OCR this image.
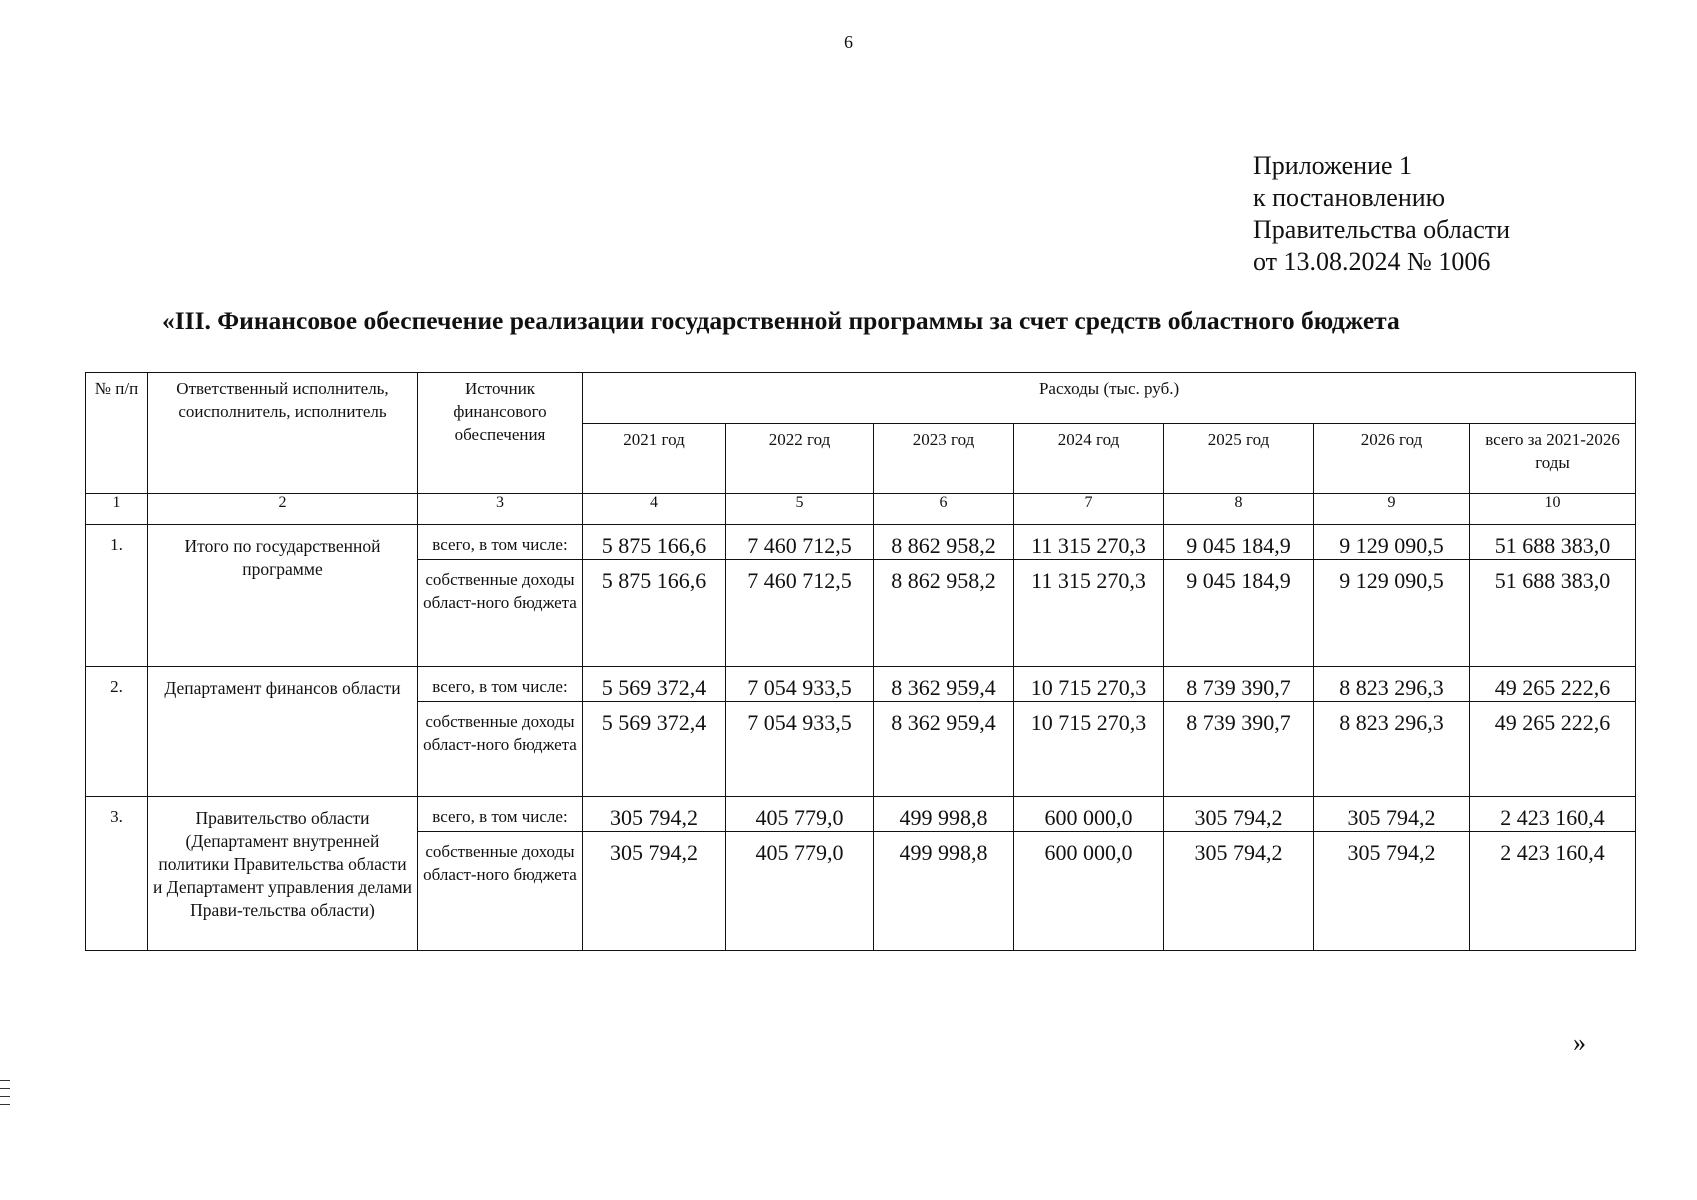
6
Приложение 1
к постановлению
Правительства области
от 13.08.2024 № 1006
«III. Финансовое обеспечение реализации государственной программы за счет средств областного бюджета
№ п/п	Ответственный исполнитель, соисполнитель, исполнитель	Источник финансового обеспечения	Расходы (тыс. руб.)						
			2021 год	2022 год	2023 год	2024 год	2025 год	2026 год	всего за 2021-2026 годы
1	2	3	4	5	6	7	8	9	10
1.	Итого по государственной программе	всего, в том числе:	5 875 166,6	7 460 712,5	8 862 958,2	11 315 270,3	9 045 184,9	9 129 090,5	51 688 383,0
		собственные доходы област-ного бюджета	5 875 166,6	7 460 712,5	8 862 958,2	11 315 270,3	9 045 184,9	9 129 090,5	51 688 383,0
2.	Департамент финансов области	всего, в том числе:	5 569 372,4	7 054 933,5	8 362 959,4	10 715 270,3	8 739 390,7	8 823 296,3	49 265 222,6
		собственные доходы област-ного бюджета	5 569 372,4	7 054 933,5	8 362 959,4	10 715 270,3	8 739 390,7	8 823 296,3	49 265 222,6
3.	Правительство области (Департамент внутренней политики Правительства области и Департамент управления делами Прави-тельства области)	всего, в том числе:	305 794,2	405 779,0	499 998,8	600 000,0	305 794,2	305 794,2	2 423 160,4
		собственные доходы област-ного бюджета	305 794,2	405 779,0	499 998,8	600 000,0	305 794,2	305 794,2	2 423 160,4
»
